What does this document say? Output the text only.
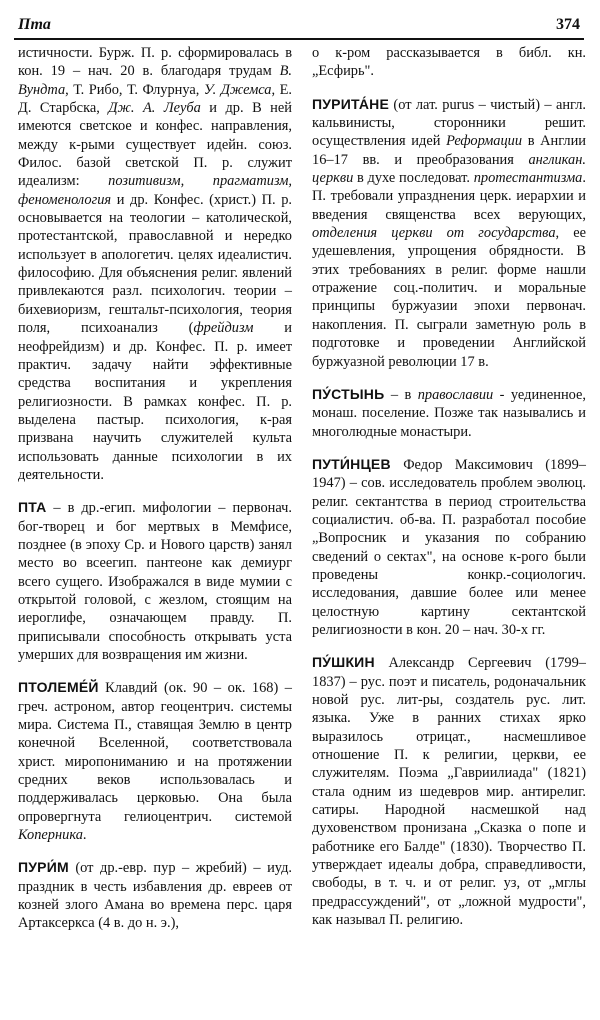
Пта	374

истичности. Бурж. П. р. сформировалась в кон. 19 – нач. 20 в. благодаря трудам В. Вундта, Т. Рибо, Т. Флурнуа, У. Джемса, Е. Д. Старбска, Дж. А. Леуба и др. В ней имеются светское и конфес. направления, между к-рыми существует идейн. союз. Филос. базой светской П. р. служит идеализм: позитивизм, прагматизм, феноменология и др. Конфес. (христ.) П. р. основывается на теологии – католической, протестантской, православной и нередко использует в апологетич. целях идеалистич. философию. Для объяснения религ. явлений привлекаются разл. психологич. теории – бихевиоризм, гештальт-психология, теория поля, психоанализ (фрейдизм и неофрейдизм) и др. Конфес. П. р. имеет практич. задачу найти эффективные средства воспитания и укрепления религиозности. В рамках конфес. П. р. выделена пастыр. психология, к-рая призвана научить служителей культа использовать данные психологии в их деятельности.

ПТА – в др.-егип. мифологии – первонач. бог-творец и бог мертвых в Мемфисе, позднее (в эпоху Ср. и Нового царств) занял место во всеегип. пантеоне как демиург всего сущего. Изображался в виде мумии с открытой головой, с жезлом, стоящим на иероглифе, означающем правду. П. приписывали способность открывать уста умерших для возвращения им жизни.

ПТОЛЕМЕ́Й Клавдий (ок. 90 – ок. 168) – греч. астроном, автор геоцентрич. системы мира. Система П., ставящая Землю в центр конечной Вселенной, соответствовала христ. миропониманию и на протяжении средних веков использовалась и поддерживалась церковью. Она была опровергнута гелиоцентрич. системой Коперника.

ПУРИ́М (от др.-евр. пур – жребий) – иуд. праздник в честь избавления др. евреев от козней злого Амана во времена перс. царя Артаксеркса (4 в. до н. э.),

о к-ром рассказывается в библ. кн. „Есфирь".

ПУРИТА́НЕ (от лат. purus – чистый) – англ. кальвинисты, сторонники решит. осуществления идей Реформации в Англии 16–17 вв. и преобразования англикан. церкви в духе последоват. протестантизма. П. требовали упразднения церк. иерархии и введения священства всех верующих, отделения церкви от государства, ее удешевления, упрощения обрядности. В этих требованиях в религ. форме нашли отражение соц.-политич. и моральные принципы буржуазии эпохи первонач. накопления. П. сыграли заметную роль в подготовке и проведении Английской буржуазной революции 17 в.

ПУ́СТЫНЬ – в православии - уединенное, монаш. поселение. Позже так назывались и многолюдные монастыри.

ПУТИ́НЦЕВ Федор Максимович (1899–1947) – сов. исследователь проблем эволюц. религ. сектантства в период строительства социалистич. об-ва. П. разработал пособие „Вопросник и указания по собранию сведений о сектах", на основе к-рого были проведены конкр.-социологич. исследования, давшие более или менее целостную картину сектантской религиозности в кон. 20 – нач. 30-х гг.

ПУ́ШКИН Александр Сергеевич (1799–1837) – рус. поэт и писатель, родоначальник новой рус. лит-ры, создатель рус. лит. языка. Уже в ранних стихах ярко выразилось отрицат., насмешливое отношение П. к религии, церкви, ее служителям. Поэма „Гавриилиада" (1821) стала одним из шедевров мир. антирелиг. сатиры. Народной насмешкой над духовенством пронизана „Сказка о попе и работнике его Балде" (1830). Творчество П. утверждает идеалы добра, справедливости, свободы, в т. ч. и от религ. уз, от „мглы предрассуждений", от „ложной мудрости", как называл П. религию.
